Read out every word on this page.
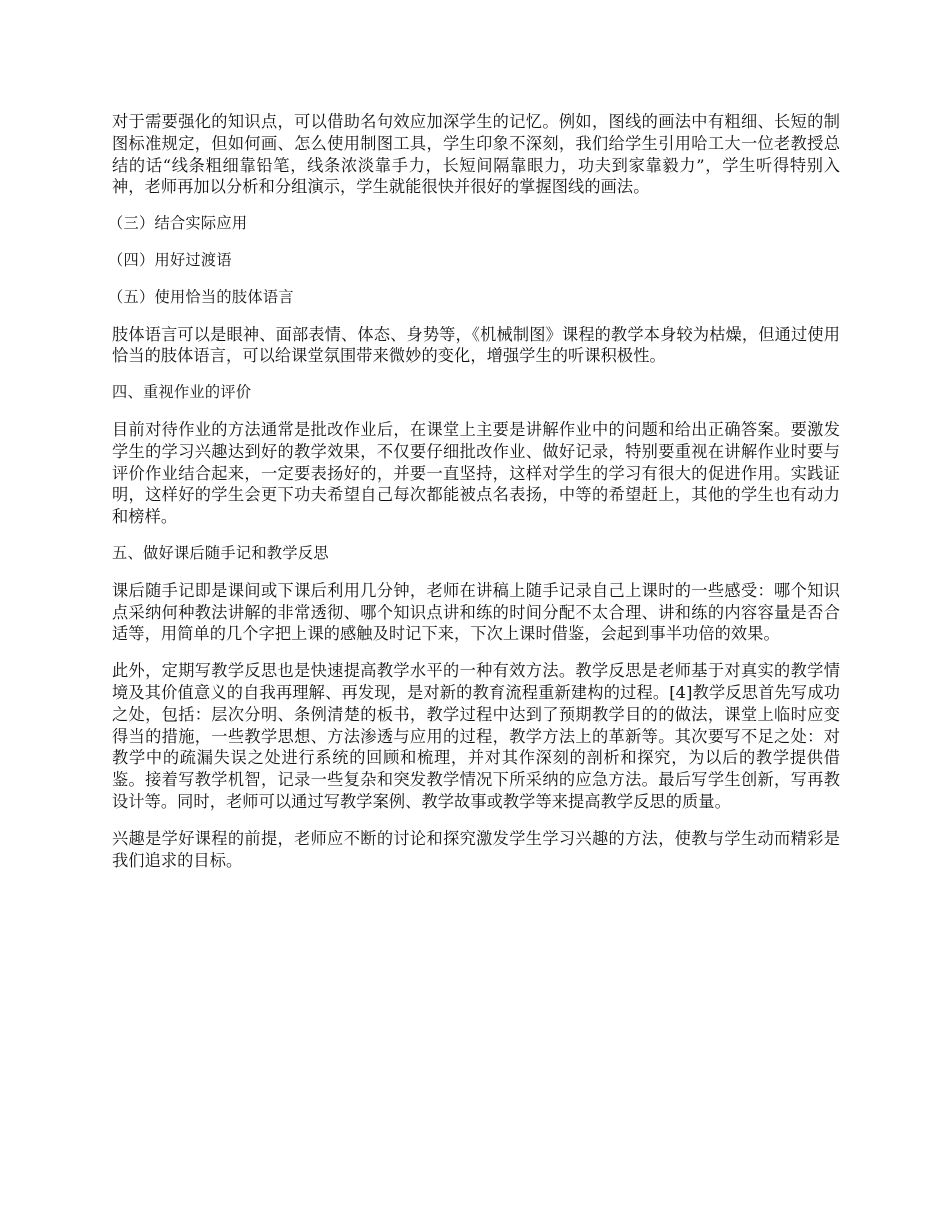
对于需要强化的知识点，可以借助名句效应加深学生的记忆。例如，图线的画法中有粗细、长短的制图标准规定，但如何画、怎么使用制图工具，学生印象不深刻，我们给学生引用哈工大一位老教授总结的话“线条粗细靠铅笔，线条浓淡靠手力，长短间隔靠眼力，功夫到家靠毅力”，学生听得特别入神，老师再加以分析和分组演示，学生就能很快并很好的掌握图线的画法。

（三）结合实际应用

（四）用好过渡语

（五）使用恰当的肢体语言

肢体语言可以是眼神、面部表情、体态、身势等，《机械制图》课程的教学本身较为枯燥，但通过使用恰当的肢体语言，可以给课堂氛围带来微妙的变化，增强学生的听课积极性。

四、重视作业的评价

目前对待作业的方法通常是批改作业后，在课堂上主要是讲解作业中的问题和给出正确答案。要激发学生的学习兴趣达到好的教学效果，不仅要仔细批改作业、做好记录，特别要重视在讲解作业时要与评价作业结合起来，一定要表扬好的，并要一直坚持，这样对学生的学习有很大的促进作用。实践证明，这样好的学生会更下功夫希望自己每次都能被点名表扬，中等的希望赶上，其他的学生也有动力和榜样。

五、做好课后随手记和教学反思

课后随手记即是课间或下课后利用几分钟，老师在讲稿上随手记录自己上课时的一些感受：哪个知识点采纳何种教法讲解的非常透彻、哪个知识点讲和练的时间分配不太合理、讲和练的内容容量是否合适等，用简单的几个字把上课的感触及时记下来，下次上课时借鉴，会起到事半功倍的效果。

此外，定期写教学反思也是快速提高教学水平的一种有效方法。教学反思是老师基于对真实的教学情境及其价值意义的自我再理解、再发现，是对新的教育流程重新建构的过程。[4]教学反思首先写成功之处，包括：层次分明、条例清楚的板书，教学过程中达到了预期教学目的的做法，课堂上临时应变得当的措施，一些教学思想、方法渗透与应用的过程，教学方法上的革新等。其次要写不足之处：对教学中的疏漏失误之处进行系统的回顾和梳理，并对其作深刻的剖析和探究，为以后的教学提供借鉴。接着写教学机智，记录一些复杂和突发教学情况下所采纳的应急方法。最后写学生创新，写再教设计等。同时，老师可以通过写教学案例、教学故事或教学等来提高教学反思的质量。

兴趣是学好课程的前提，老师应不断的讨论和探究激发学生学习兴趣的方法，使教与学生动而精彩是我们追求的目标。
